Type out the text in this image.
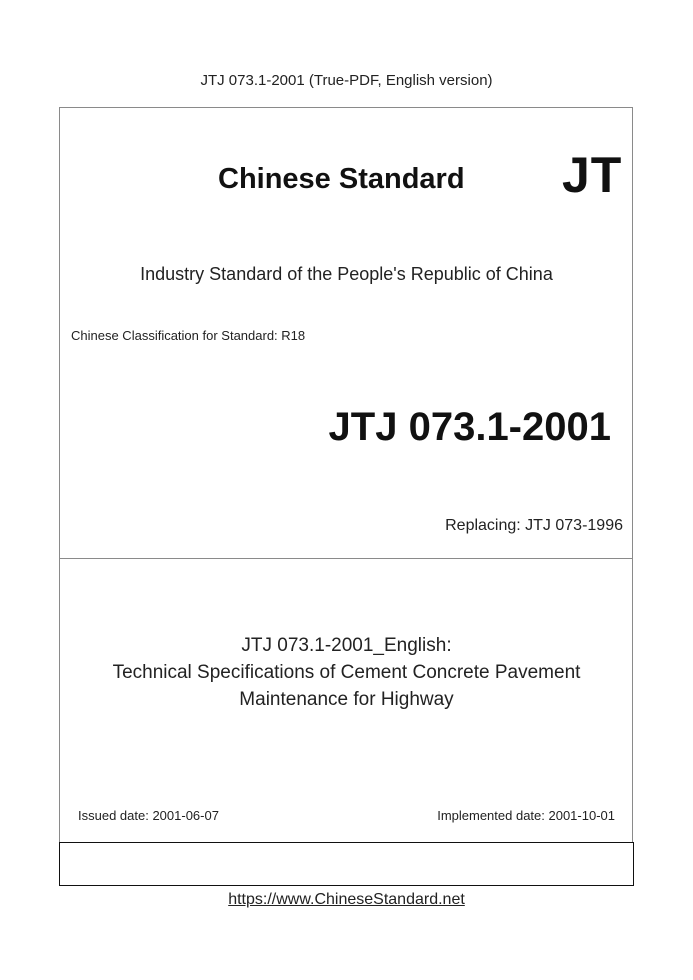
JTJ 073.1-2001 (True-PDF, English version)
Chinese Standard JT
Industry Standard of the People's Republic of China
Chinese Classification for Standard: R18
JTJ 073.1-2001
Replacing: JTJ 073-1996
JTJ 073.1-2001_English:
Technical Specifications of Cement Concrete Pavement
Maintenance for Highway
Issued date: 2001-06-07	Implemented date: 2001-10-01
https://www.ChineseStandard.net
